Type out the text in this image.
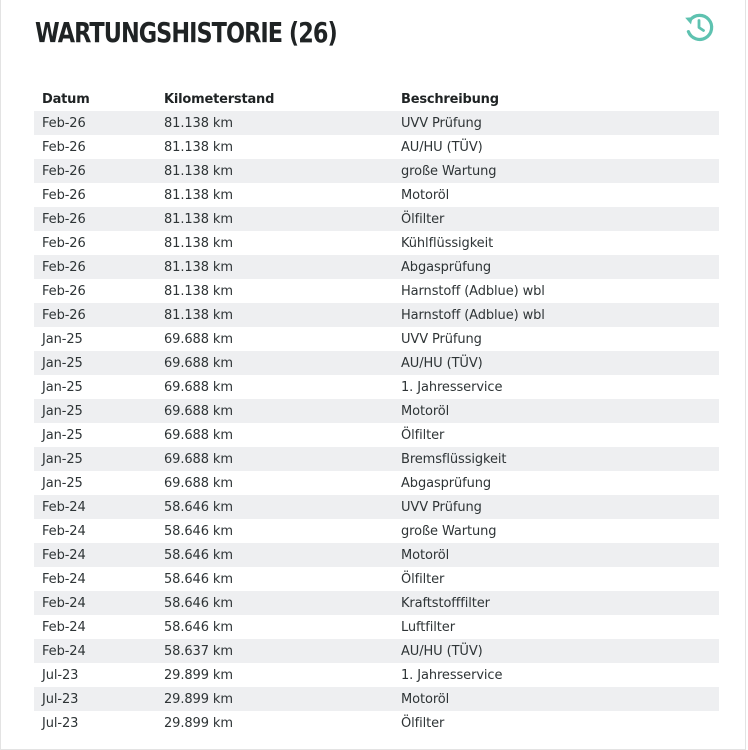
WARTUNGSHISTORIE (26)
Datum	Kilometerstand	Beschreibung
Feb-26	81.138 km	UVV Prüfung
Feb-26	81.138 km	AU/HU (TÜV)
Feb-26	81.138 km	große Wartung
Feb-26	81.138 km	Motoröl
Feb-26	81.138 km	Ölfilter
Feb-26	81.138 km	Kühlflüssigkeit
Feb-26	81.138 km	Abgasprüfung
Feb-26	81.138 km	Harnstoff (Adblue) wbl
Feb-26	81.138 km	Harnstoff (Adblue) wbl
Jan-25	69.688 km	UVV Prüfung
Jan-25	69.688 km	AU/HU (TÜV)
Jan-25	69.688 km	1. Jahresservice
Jan-25	69.688 km	Motoröl
Jan-25	69.688 km	Ölfilter
Jan-25	69.688 km	Bremsflüssigkeit
Jan-25	69.688 km	Abgasprüfung
Feb-24	58.646 km	UVV Prüfung
Feb-24	58.646 km	große Wartung
Feb-24	58.646 km	Motoröl
Feb-24	58.646 km	Ölfilter
Feb-24	58.646 km	Kraftstofffilter
Feb-24	58.646 km	Luftfilter
Feb-24	58.637 km	AU/HU (TÜV)
Jul-23	29.899 km	1. Jahresservice
Jul-23	29.899 km	Motoröl
Jul-23	29.899 km	Ölfilter
